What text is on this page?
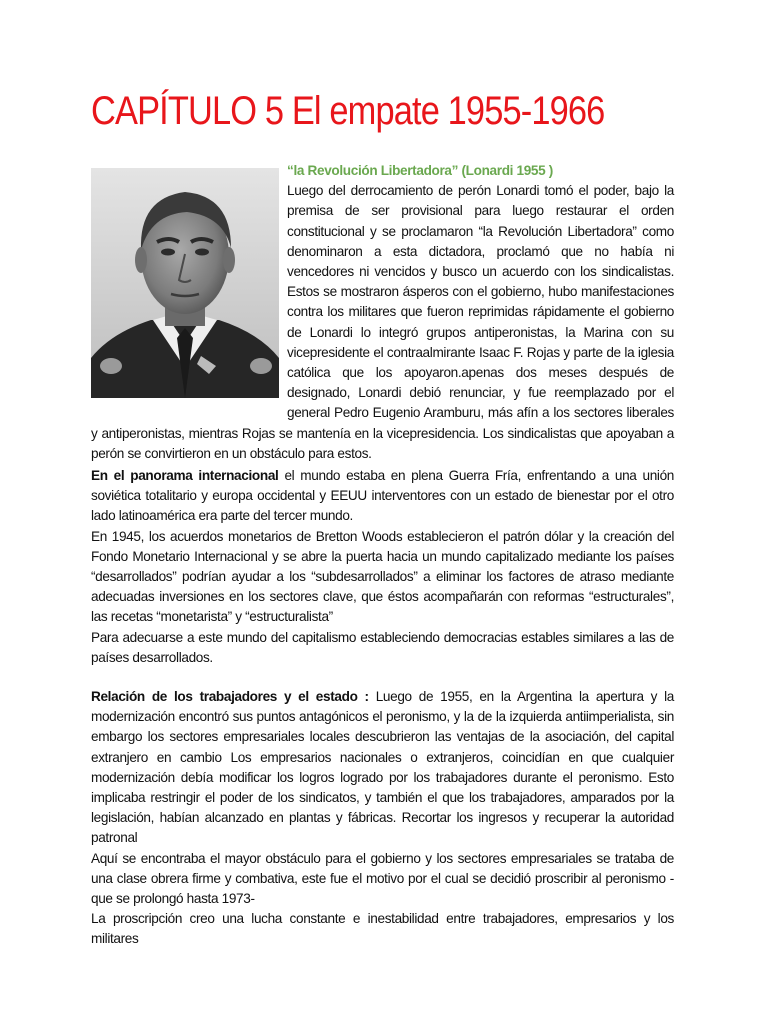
CAPÍTULO 5 El empate 1955-1966

“la Revolución Libertadora” (Lonardi 1955 )

Luego del derrocamiento de perón Lonardi tomó el poder, bajo la premisa de ser provisional para luego restaurar el orden constitucional y se proclamaron “la Revolución Libertadora” como denominaron a esta dictadora, proclamó que no había ni vencedores ni vencidos y busco un acuerdo con los sindicalistas. Estos se mostraron ásperos con el gobierno, hubo manifestaciones contra los militares que fueron reprimidas rápidamente el gobierno de Lonardi lo integró grupos antiperonistas, la Marina con su vicepresidente el contraalmirante Isaac F. Rojas y parte de la iglesia católica que los apoyaron.apenas dos meses después de designado, Lonardi debió renunciar, y fue reemplazado por el general Pedro Eugenio Aramburu, más afín a los sectores liberales y antiperonistas, mientras Rojas se mantenía en la vicepresidencia. Los sindicalistas que apoyaban a perón se convirtieron en un obstáculo para estos.

En el panorama internacional el mundo estaba en plena Guerra Fría, enfrentando a una unión soviética totalitario y europa occidental y EEUU interventores con un estado de bienestar por el otro lado latinoamérica era parte del tercer mundo.

En 1945, los acuerdos monetarios de Bretton Woods establecieron el patrón dólar y la creación del Fondo Monetario Internacional y se abre la puerta hacia un mundo capitalizado mediante los países “desarrollados” podrían ayudar a los “subdesarrollados” a eliminar los factores de atraso mediante adecuadas inversiones en los sectores clave, que éstos acompañarán con reformas “estructurales”, las recetas “monetarista” y “estructuralista”

Para adecuarse a este mundo del capitalismo estableciendo democracias estables similares a las de países desarrollados.

Relación de los trabajadores y el estado : Luego de 1955, en la Argentina la apertura y la modernización encontró sus puntos antagónicos el peronismo, y la de la izquierda antiimperialista, sin embargo los sectores empresariales locales descubrieron las ventajas de la asociación, del capital extranjero en cambio Los empresarios nacionales o extranjeros, coincidían en que cualquier modernización debía modificar los logros logrado por los trabajadores durante el peronismo. Esto implicaba restringir el poder de los sindicatos, y también el que los trabajadores, amparados por la legislación, habían alcanzado en plantas y fábricas. Recortar los ingresos y recuperar la autoridad patronal

Aquí se encontraba el mayor obstáculo para el gobierno y los sectores empresariales se trataba de una clase obrera firme y combativa, este fue el motivo por el cual se decidió proscribir al peronismo -que se prolongó hasta 1973-

La proscripción creo una lucha constante e inestabilidad entre trabajadores, empresarios y los militares
